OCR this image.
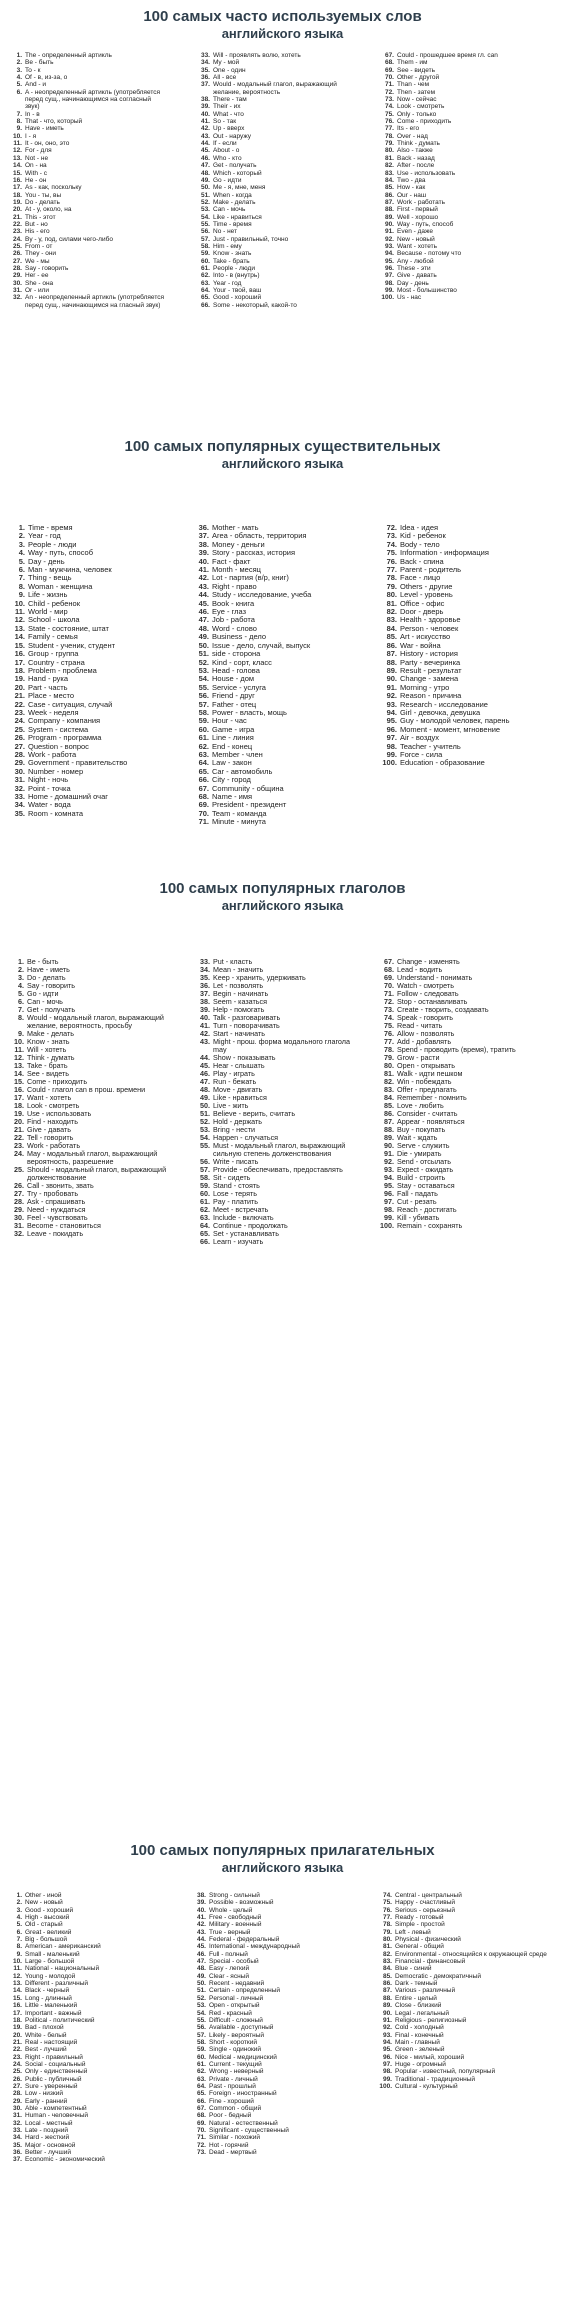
100 самых часто используемых слов
английского языка
1. The - определенный артикль
2. Be - быть
3. To - к
4. Of - в, из-за, о
5. And - и
6. A - неопределенный артикль (употребляется перед сущ., начинающимся на согласный звук)
7. In - в
8. That - что, который
9. Have - иметь
10. I - я
11. It - он, оно, это
12. For - для
13. Not - не
14. On - на
15. With - с
16. He - он
17. As - как, поскольку
18. You - ты, вы
19. Do - делать
20. At - у, около, на
21. This - этот
22. But - но
23. His - его
24. By - у, под, силами чего-либо
25. From - от
26. They - они
27. We - мы
28. Say - говорить
29. Her - ее
30. She - она
31. Or - или
32. An - неопределенный артикль (употребляется перед сущ., начинающимся на гласный звук)
33. Will - проявлять волю, хотеть
34. My - мой
35. One - один
36. All - все
37. Would - модальный глагол, выражающий желание, вероятность
38. There - там
39. Their - их
40. What - что
41. So - так
42. Up - вверх
43. Out - наружу
44. If - если
45. About - о
46. Who - кто
47. Get - получать
48. Which - который
49. Go - идти
50. Me - я, мне, меня
51. When - когда
52. Make - делать
53. Can - мочь
54. Like - нравиться
55. Time - время
56. No - нет
57. Just - правильный, точно
58. Him - ему
59. Know - знать
60. Take - брать
61. People - люди
62. Into - в (внутрь)
63. Year - год
64. Your - твой, ваш
65. Good - хороший
66. Some - некоторый, какой-то
67. Could - прошедшее время гл. can
68. Them - им
69. See - видеть
70. Other - другой
71. Than - чем
72. Then - затем
73. Now - сейчас
74. Look - смотреть
75. Only - только
76. Come - приходить
77. Its - его
78. Over - над
79. Think - думать
80. Also - также
81. Back - назад
82. After - после
83. Use - использовать
84. Two - два
85. How - как
86. Our - наш
87. Work - работать
88. First - первый
89. Well - хорошо
90. Way - путь, способ
91. Even - даже
92. New - новый
93. Want - хотеть
94. Because - потому что
95. Any - любой
96. These - эти
97. Give - давать
98. Day - день
99. Most - большинство
100. Us - нас
100 самых популярных существительных
английского языка
1. Time - время
2. Year - год
3. People - люди
4. Way - путь, способ
5. Day - день
6. Man - мужчина, человек
7. Thing - вещь
8. Woman - женщина
9. Life - жизнь
10. Child - ребенок
11. World - мир
12. School - школа
13. State - состояние, штат
14. Family - семья
15. Student - ученик, студент
16. Group - группа
17. Country - страна
18. Problem - проблема
19. Hand - рука
20. Part - часть
21. Place - место
22. Case - ситуация, случай
23. Week - неделя
24. Company - компания
25. System - система
26. Program - программа
27. Question - вопрос
28. Work - работа
29. Government - правительство
30. Number - номер
31. Night - ночь
32. Point - точка
33. Home - домашний очаг
34. Water - вода
35. Room - комната
36. Mother - мать
37. Area - область, территория
38. Money - деньги
39. Story - рассказ, история
40. Fact - факт
41. Month - месяц
42. Lot - партия (в/р, книг)
43. Right - право
44. Study - исследование, учеба
45. Book - книга
46. Eye - глаз
47. Job - работа
48. Word - слово
49. Business - дело
50. Issue - дело, случай, выпуск
51. side - сторона
52. Kind - сорт, класс
53. Head - голова
54. House - дом
55. Service - услуга
56. Friend - друг
57. Father - отец
58. Power - власть, мощь
59. Hour - час
60. Game - игра
61. Line - линия
62. End - конец
63. Member - член
64. Law - закон
65. Car - автомобиль
66. City - город
67. Community - община
68. Name - имя
69. President - президент
70. Team - команда
71. Minute - минута
72. Idea - идея
73. Kid - ребенок
74. Body - тело
75. Information - информация
76. Back - спина
77. Parent - родитель
78. Face - лицо
79. Others - другие
80. Level - уровень
81. Office - офис
82. Door - дверь
83. Health - здоровье
84. Person - человек
85. Art - искусство
86. War - война
87. History - история
88. Party - вечеринка
89. Result - результат
90. Change - замена
91. Morning - утро
92. Reason - причина
93. Research - исследование
94. Girl - девочка, девушка
95. Guy - молодой человек, парень
96. Moment - момент, мгновение
97. Air - воздух
98. Teacher - учитель
99. Force - сила
100. Education - образование
100 самых популярных глаголов
английского языка
1. Be - быть
2. Have - иметь
3. Do - делать
4. Say - говорить
5. Go - идти
6. Can - мочь
7. Get - получать
8. Would - модальный глагол, выражающий желание, вероятность, просьбу
9. Make - делать
10. Know - знать
11. Will - хотеть
12. Think - думать
13. Take - брать
14. See - видеть
15. Come - приходить
16. Could - глагол can в прош. времени
17. Want - хотеть
18. Look - смотреть
19. Use - использовать
20. Find - находить
21. Give - давать
22. Tell - говорить
23. Work - работать
24. May - модальный глагол, выражающий вероятность, разрешение
25. Should - модальный глагол, выражающий долженствование
26. Call - звонить, звать
27. Try - пробовать
28. Ask - спрашивать
29. Need - нуждаться
30. Feel - чувствовать
31. Become - становиться
32. Leave - покидать
33. Put - класть
34. Mean - значить
35. Keep - хранить, удерживать
36. Let - позволять
37. Begin - начинать
38. Seem - казаться
39. Help - помогать
40. Talk - разговаривать
41. Turn - поворачивать
42. Start - начинать
43. Might - прош. форма модального глагола may
44. Show - показывать
45. Hear - слышать
46. Play - играть
47. Run - бежать
48. Move - двигать
49. Like - нравиться
50. Live - жить
51. Believe - верить, считать
52. Hold - держать
53. Bring - нести
54. Happen - случаться
55. Must - модальный глагол, выражающий сильную степень долженствования
56. Write - писать
57. Provide - обеспечивать, предоставлять
58. Sit - сидеть
59. Stand - стоять
60. Lose - терять
61. Pay - платить
62. Meet - встречать
63. Include - включать
64. Continue - продолжать
65. Set - устанавливать
66. Learn - изучать
67. Change - изменять
68. Lead - водить
69. Understand - понимать
70. Watch - смотреть
71. Follow - следовать
72. Stop - останавливать
73. Create - творить, создавать
74. Speak - говорить
75. Read - читать
76. Allow - позволять
77. Add - добавлять
78. Spend - проводить (время), тратить
79. Grow - расти
80. Open - открывать
81. Walk - идти пешком
82. Win - побеждать
83. Offer - предлагать
84. Remember - помнить
85. Love - любить
86. Consider - считать
87. Appear - появляться
88. Buy - покупать
89. Wait - ждать
90. Serve - служить
91. Die - умирать
92. Send - отсылать
93. Expect - ожидать
94. Build - строить
95. Stay - оставаться
96. Fall - падать
97. Cut - резать
98. Reach - достигать
99. Kill - убивать
100. Remain - сохранять
100 самых популярных прилагательных
английского языка
1. Other - иной
2. New - новый
3. Good - хороший
4. High - высокий
5. Old - старый
6. Great - великий
7. Big - большой
8. American - американский
9. Small - маленький
10. Large - большой
11. National - национальный
12. Young - молодой
13. Different - различный
14. Black - черный
15. Long - длинный
16. Little - маленький
17. Important - важный
18. Political - политический
19. Bad - плохой
20. White - белый
21. Real - настоящий
22. Best - лучший
23. Right - правильный
24. Social - социальный
25. Only - единственный
26. Public - публичный
27. Sure - уверенный
28. Low - низкий
29. Early - ранний
30. Able - компетентный
31. Human - человечный
32. Local - местный
33. Late - поздний
34. Hard - жесткий
35. Major - основной
36. Better - лучший
37. Economic - экономический
38. Strong - сильный
39. Possible - возможный
40. Whole - целый
41. Free - свободный
42. Military - военный
43. True - верный
44. Federal - федеральный
45. International - международный
46. Full - полный
47. Special - особый
48. Easy - легкий
49. Clear - ясный
50. Recent - недавний
51. Certain - определенный
52. Personal - личный
53. Open - открытый
54. Red - красный
55. Difficult - сложный
56. Available - доступный
57. Likely - вероятный
58. Short - короткий
59. Single - одинокий
60. Medical - медицинский
61. Current - текущий
62. Wrong - неверный
63. Private - личный
64. Past - прошлый
65. Foreign - иностранный
66. Fine - хороший
67. Common - общий
68. Poor - бедный
69. Natural - естественный
70. Significant - существенный
71. Similar - похожий
72. Hot - горячий
73. Dead - мертвый
74. Central - центральный
75. Happy - счастливый
76. Serious - серьезный
77. Ready - готовый
78. Simple - простой
79. Left - левый
80. Physical - физический
81. General - общий
82. Environmental - относящийся к окружающей среде
83. Financial - финансовый
84. Blue - синий
85. Democratic - демократичный
86. Dark - темный
87. Various - различный
88. Entire - целый
89. Close - близкий
90. Legal - легальный
91. Religious - религиозный
92. Cold - холодный
93. Final - конечный
94. Main - главный
95. Green - зеленый
96. Nice - милый, хороший
97. Huge - огромный
98. Popular - известный, популярный
99. Traditional - традиционный
100. Cultural - культурный
